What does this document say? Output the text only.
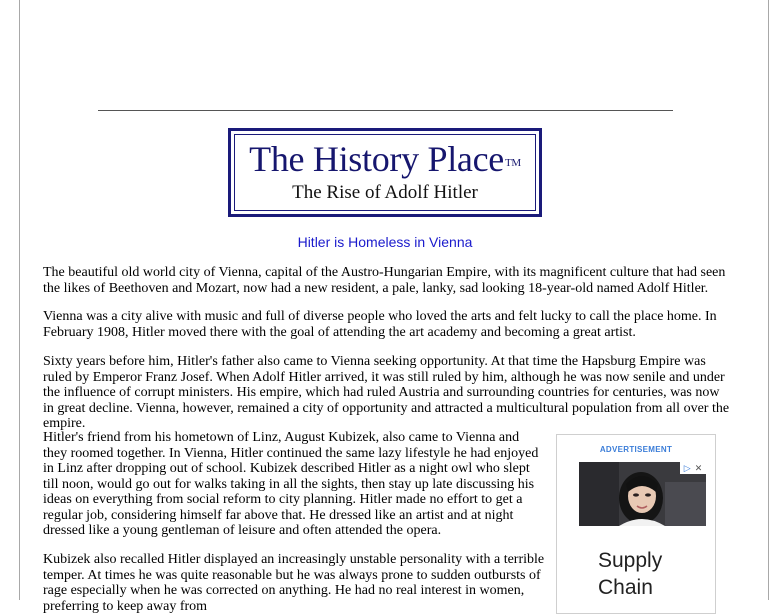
The History Place™
The Rise of Adolf Hitler
Hitler is Homeless in Vienna

The beautiful old world city of Vienna, capital of the Austro-Hungarian Empire, with its magnificent culture that had seen the likes of Beethoven and Mozart, now had a new resident, a pale, lanky, sad looking 18-year-old named Adolf Hitler.

Vienna was a city alive with music and full of diverse people who loved the arts and felt lucky to call the place home. In February 1908, Hitler moved there with the goal of attending the art academy and becoming a great artist.

Sixty years before him, Hitler's father also came to Vienna seeking opportunity. At that time the Hapsburg Empire was ruled by Emperor Franz Josef. When Adolf Hitler arrived, it was still ruled by him, although he was now senile and under the influence of corrupt ministers. His empire, which had ruled Austria and surrounding countries for centuries, was now in great decline. Vienna, however, remained a city of opportunity and attracted a multicultural population from all over the empire.

Hitler's friend from his hometown of Linz, August Kubizek, also came to Vienna and they roomed together. In Vienna, Hitler continued the same lazy lifestyle he had enjoyed in Linz after dropping out of school. Kubizek described Hitler as a night owl who slept till noon, would go out for walks taking in all the sights, then stay up late discussing his ideas on everything from social reform to city planning. Hitler made no effort to get a regular job, considering himself far above that. He dressed like an artist and at night dressed like a young gentleman of leisure and often attended the opera.

Kubizek also recalled Hitler displayed an increasingly unstable personality with a terrible temper. At times he was quite reasonable but he was always prone to sudden outbursts of rage especially when he was corrected on anything. He had no real interest in women, preferring to keep away from

ADVERTISEMENT
▷ ✕
Supply Chain
